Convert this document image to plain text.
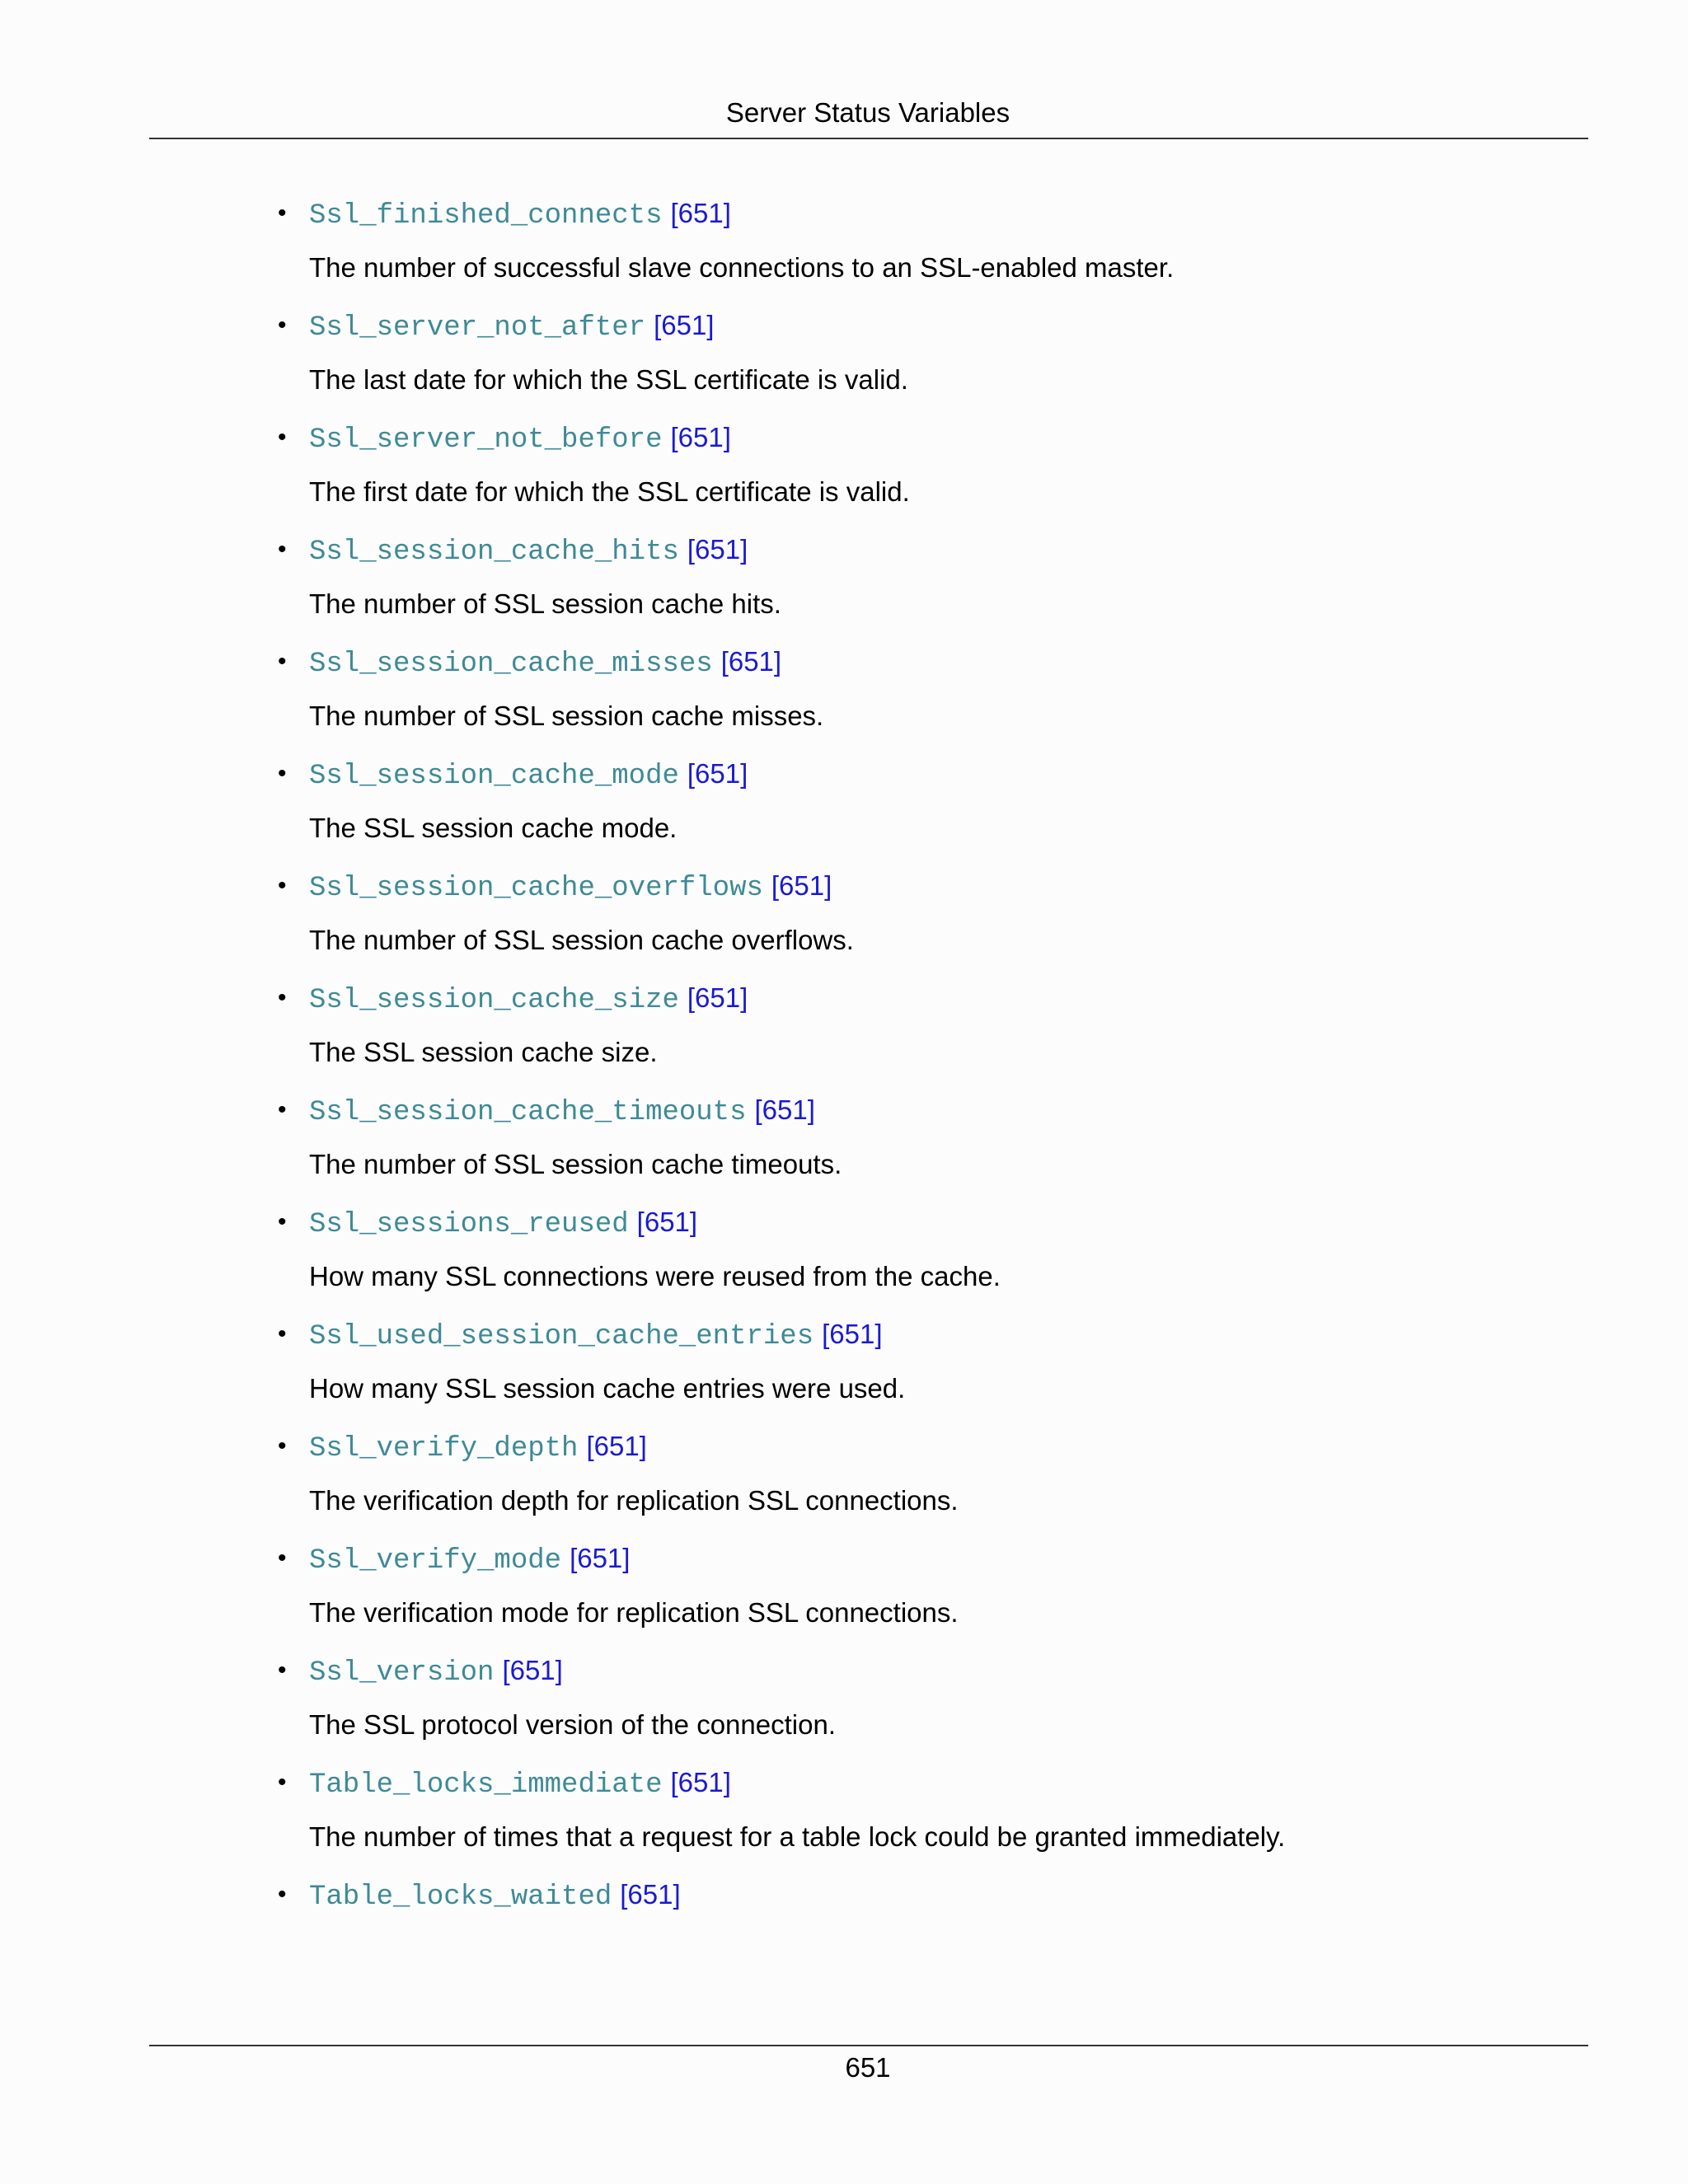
Server Status Variables
• Ssl_finished_connects [651]
The number of successful slave connections to an SSL-enabled master.
• Ssl_server_not_after [651]
The last date for which the SSL certificate is valid.
• Ssl_server_not_before [651]
The first date for which the SSL certificate is valid.
• Ssl_session_cache_hits [651]
The number of SSL session cache hits.
• Ssl_session_cache_misses [651]
The number of SSL session cache misses.
• Ssl_session_cache_mode [651]
The SSL session cache mode.
• Ssl_session_cache_overflows [651]
The number of SSL session cache overflows.
• Ssl_session_cache_size [651]
The SSL session cache size.
• Ssl_session_cache_timeouts [651]
The number of SSL session cache timeouts.
• Ssl_sessions_reused [651]
How many SSL connections were reused from the cache.
• Ssl_used_session_cache_entries [651]
How many SSL session cache entries were used.
• Ssl_verify_depth [651]
The verification depth for replication SSL connections.
• Ssl_verify_mode [651]
The verification mode for replication SSL connections.
• Ssl_version [651]
The SSL protocol version of the connection.
• Table_locks_immediate [651]
The number of times that a request for a table lock could be granted immediately.
• Table_locks_waited [651]
651
